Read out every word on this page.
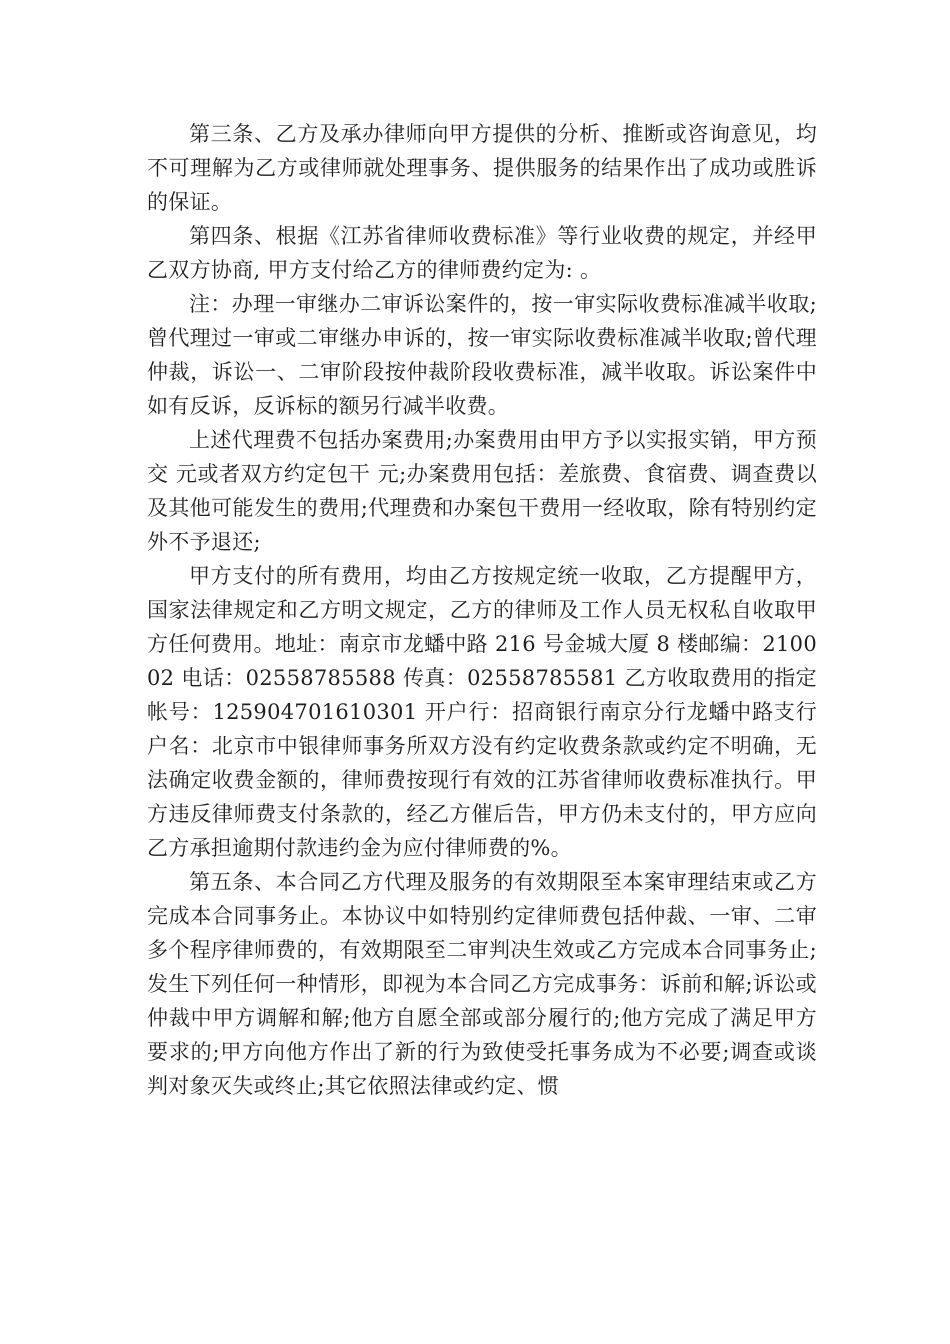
第三条、乙方及承办律师向甲方提供的分析、推断或咨询意见，均不可理解为乙方或律师就处理事务、提供服务的结果作出了成功或胜诉的保证。

第四条、根据《江苏省律师收费标准》等行业收费的规定，并经甲乙双方协商, 甲方支付给乙方的律师费约定为: 。

注：办理一审继办二审诉讼案件的，按一审实际收费标准减半收取;曾代理过一审或二审继办申诉的，按一审实际收费标准减半收取;曾代理仲裁，诉讼一、二审阶段按仲裁阶段收费标准，减半收取。诉讼案件中如有反诉，反诉标的额另行减半收费。

上述代理费不包括办案费用;办案费用由甲方予以实报实销，甲方预交 元或者双方约定包干 元;办案费用包括：差旅费、食宿费、调查费以及其他可能发生的费用;代理费和办案包干费用一经收取，除有特别约定外不予退还;

甲方支付的所有费用，均由乙方按规定统一收取，乙方提醒甲方，国家法律规定和乙方明文规定，乙方的律师及工作人员无权私自收取甲方任何费用。地址：南京市龙蟠中路 216 号金城大厦 8 楼邮编：210002 电话：02558785588 传真：02558785581 乙方收取费用的指定帐号：125904701610301 开户行：招商银行南京分行龙蟠中路支行户名：北京市中银律师事务所双方没有约定收费条款或约定不明确，无法确定收费金额的，律师费按现行有效的江苏省律师收费标准执行。甲方违反律师费支付条款的，经乙方催后告，甲方仍未支付的，甲方应向乙方承担逾期付款违约金为应付律师费的%。

第五条、本合同乙方代理及服务的有效期限至本案审理结束或乙方完成本合同事务止。本协议中如特别约定律师费包括仲裁、一审、二审多个程序律师费的，有效期限至二审判决生效或乙方完成本合同事务止;发生下列任何一种情形，即视为本合同乙方完成事务：诉前和解;诉讼或仲裁中甲方调解和解;他方自愿全部或部分履行的;他方完成了满足甲方要求的;甲方向他方作出了新的行为致使受托事务成为不必要;调查或谈判对象灭失或终止;其它依照法律或约定、惯
